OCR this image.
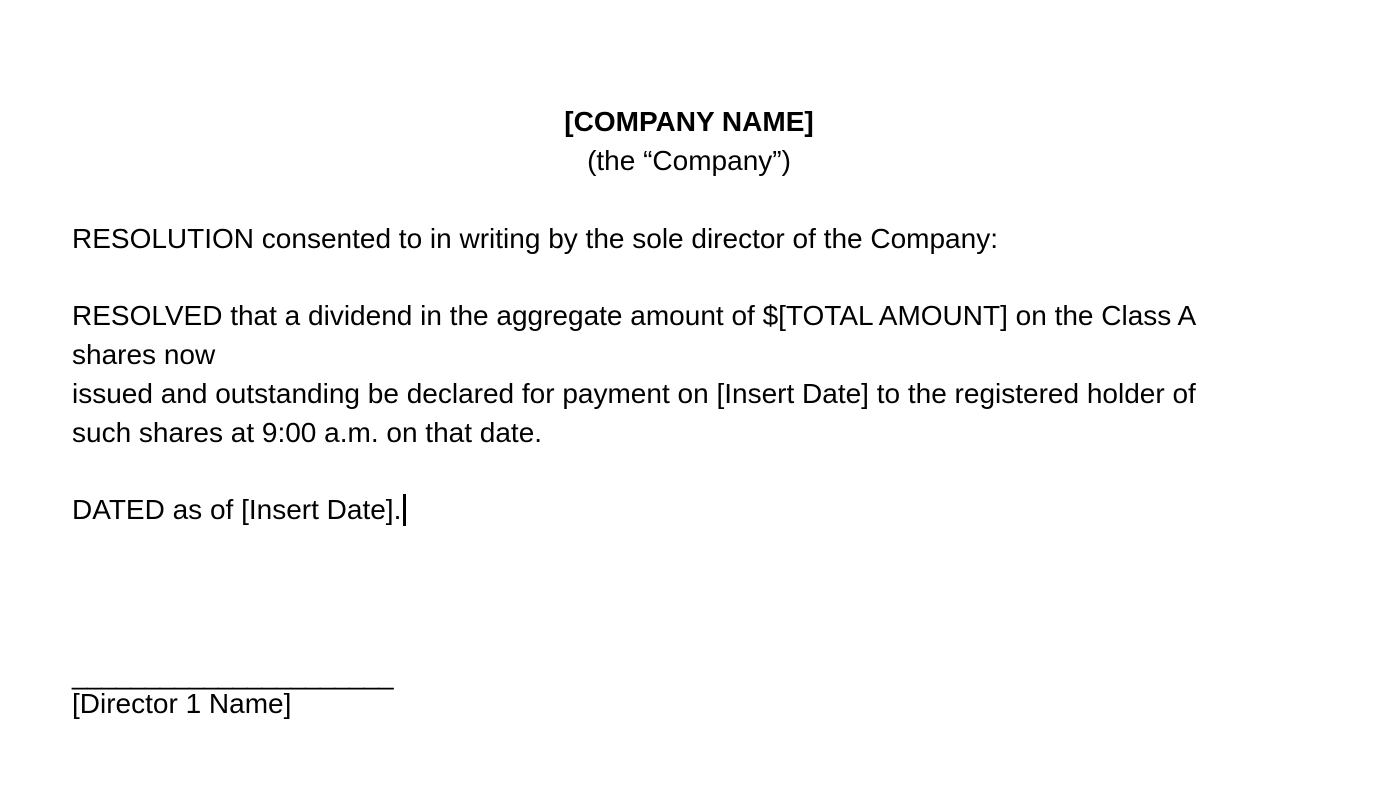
[COMPANY NAME]
(the “Company”)
RESOLUTION consented to in writing by the sole director of the Company:
RESOLVED that a dividend in the aggregate amount of $[TOTAL AMOUNT] on the Class A
shares now
issued and outstanding be declared for payment on [Insert Date] to the registered holder of
such shares at 9:00 a.m. on that date.
DATED as of [Insert Date].
______________________
[Director 1 Name]
